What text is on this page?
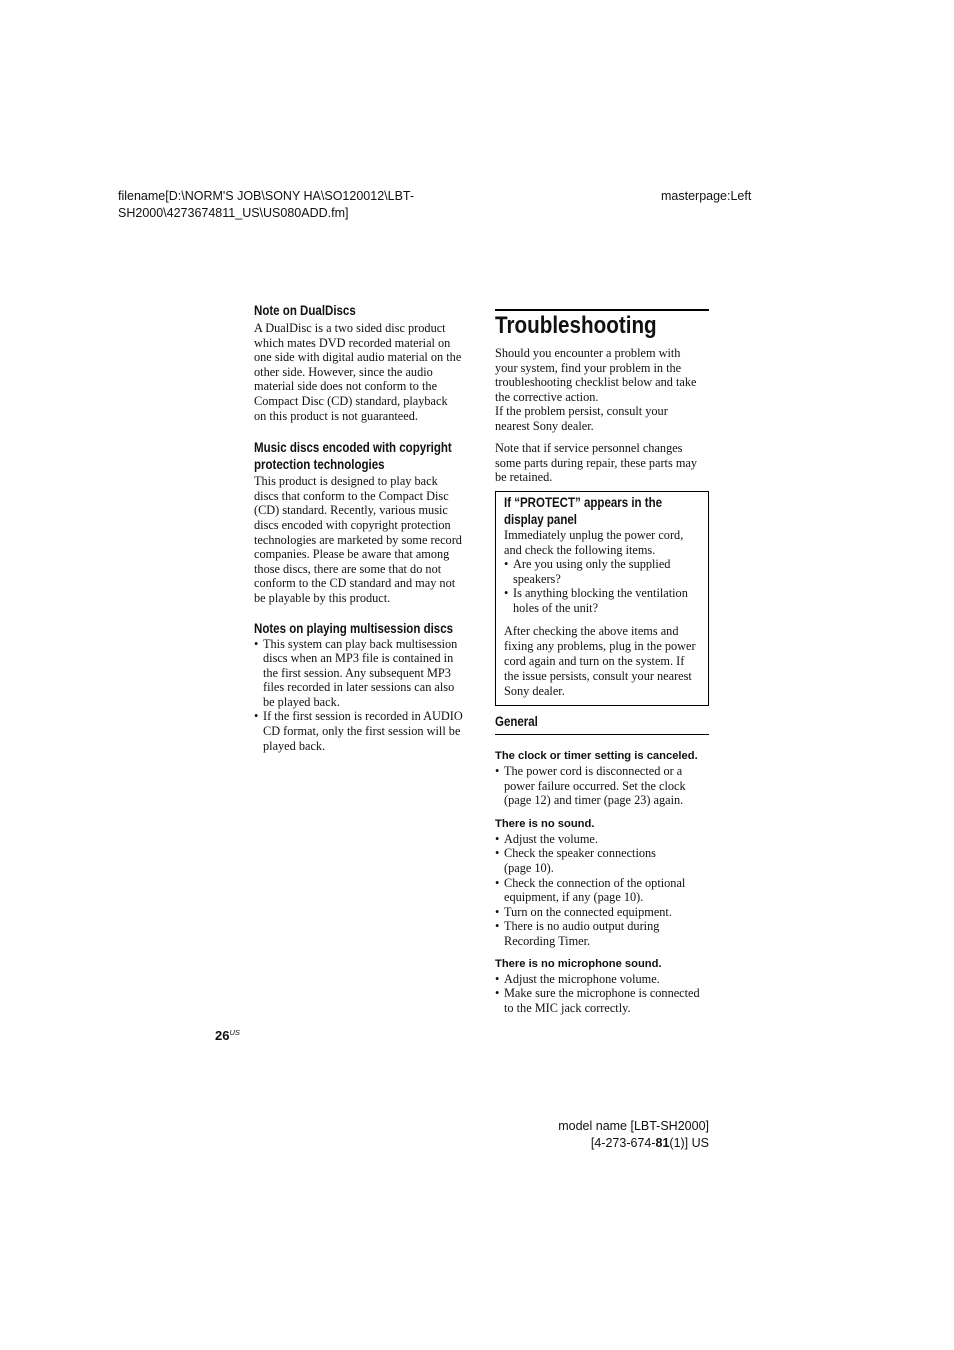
filename[D:\NORM'S JOB\SONY HA\SO120012\LBT-
SH2000\4273674811_US\US080ADD.fm]
masterpage:Left
Note on DualDiscs
A DualDisc is a two sided disc product
which mates DVD recorded material on
one side with digital audio material on the
other side. However, since the audio
material side does not conform to the
Compact Disc (CD) standard, playback
on this product is not guaranteed.
Music discs encoded with copyright
protection technologies
This product is designed to play back
discs that conform to the Compact Disc
(CD) standard. Recently, various music
discs encoded with copyright protection
technologies are marketed by some record
companies. Please be aware that among
those discs, there are some that do not
conform to the CD standard and may not
be playable by this product.
Notes on playing multisession discs
• This system can play back multisession
discs when an MP3 file is contained in
the first session. Any subsequent MP3
files recorded in later sessions can also
be played back.
• If the first session is recorded in AUDIO
CD format, only the first session will be
played back.
$26^{US}$
Troubleshooting
Should you encounter a problem with
your system, find your problem in the
troubleshooting checklist below and take
the corrective action.
If the problem persist, consult your
nearest Sony dealer.
Note that if service personnel changes
some parts during repair, these parts may
be retained.
If “PROTECT” appears in the
display panel
Immediately unplug the power cord,
and check the following items.
• Are you using only the supplied
speakers?
• Is anything blocking the ventilation
holes of the unit?
After checking the above items and
fixing any problems, plug in the power
cord again and turn on the system. If
the issue persists, consult your nearest
Sony dealer.
General
The clock or timer setting is canceled.
• The power cord is disconnected or a
power failure occurred. Set the clock
(page 12) and timer (page 23) again.
There is no sound.
• Adjust the volume.
• Check the speaker connections
(page 10).
• Check the connection of the optional
equipment, if any (page 10).
• Turn on the connected equipment.
• There is no audio output during
Recording Timer.
There is no microphone sound.
• Adjust the microphone volume.
• Make sure the microphone is connected
to the MIC jack correctly.
model name [LBT-SH2000]
[4-273-674-81(1)] US
